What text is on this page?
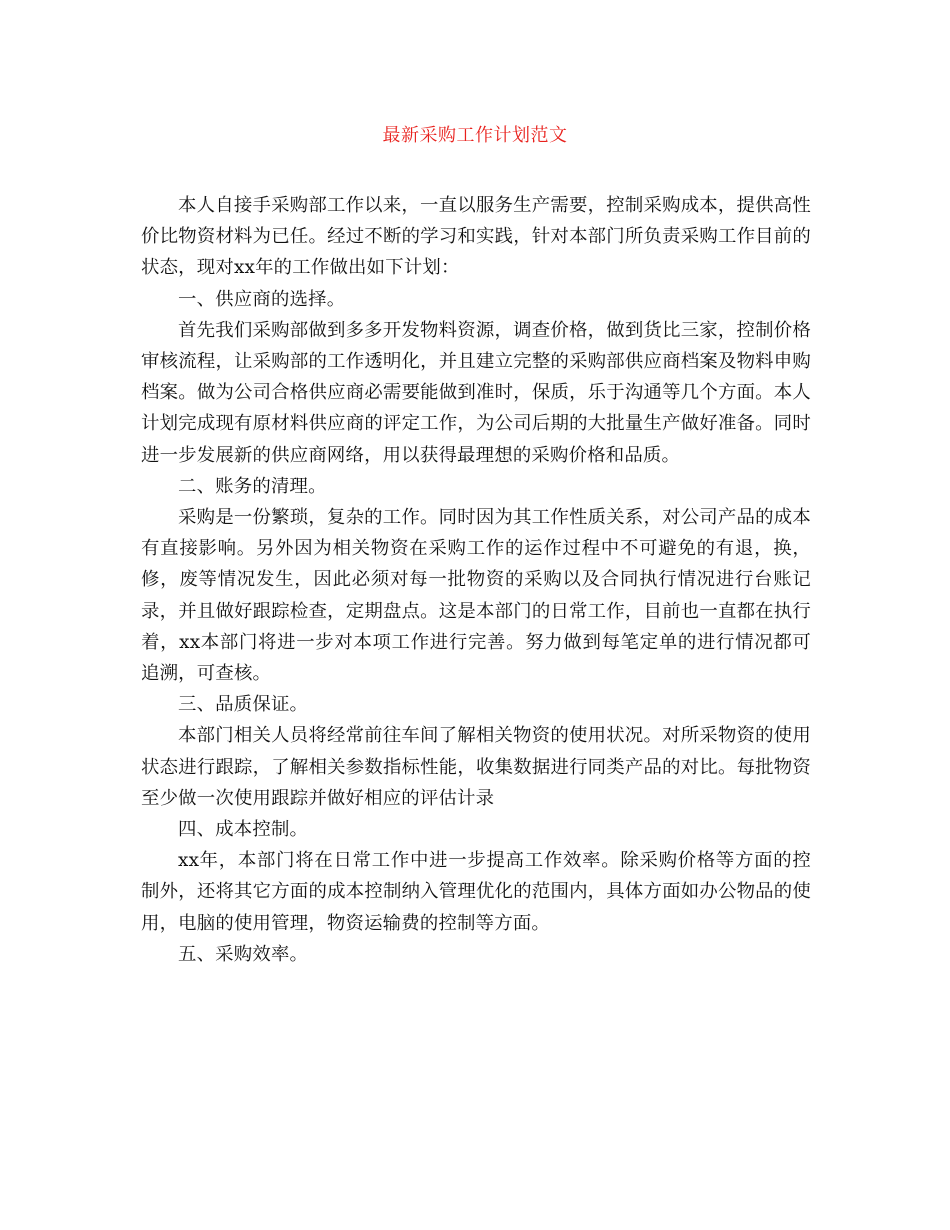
最新采购工作计划范文

本人自接手采购部工作以来，一直以服务生产需要，控制采购成本，提供高性价比物资材料为已任。经过不断的学习和实践，针对本部门所负责采购工作目前的状态，现对xx年的工作做出如下计划：

一、供应商的选择。

首先我们采购部做到多多开发物料资源，调查价格，做到货比三家，控制价格审核流程，让采购部的工作透明化，并且建立完整的采购部供应商档案及物料申购档案。做为公司合格供应商必需要能做到准时，保质，乐于沟通等几个方面。本人计划完成现有原材料供应商的评定工作，为公司后期的大批量生产做好准备。同时进一步发展新的供应商网络，用以获得最理想的采购价格和品质。

二、账务的清理。

采购是一份繁琐，复杂的工作。同时因为其工作性质关系，对公司产品的成本有直接影响。另外因为相关物资在采购工作的运作过程中不可避免的有退，换，修，废等情况发生，因此必须对每一批物资的采购以及合同执行情况进行台账记录，并且做好跟踪检查，定期盘点。这是本部门的日常工作，目前也一直都在执行着，xx本部门将进一步对本项工作进行完善。努力做到每笔定单的进行情况都可追溯，可查核。

三、品质保证。

本部门相关人员将经常前往车间了解相关物资的使用状况。对所采物资的使用状态进行跟踪，了解相关参数指标性能，收集数据进行同类产品的对比。每批物资至少做一次使用跟踪并做好相应的评估计录

四、成本控制。

xx年，本部门将在日常工作中进一步提高工作效率。除采购价格等方面的控制外，还将其它方面的成本控制纳入管理优化的范围内，具体方面如办公物品的使用，电脑的使用管理，物资运输费的控制等方面。

五、采购效率。
